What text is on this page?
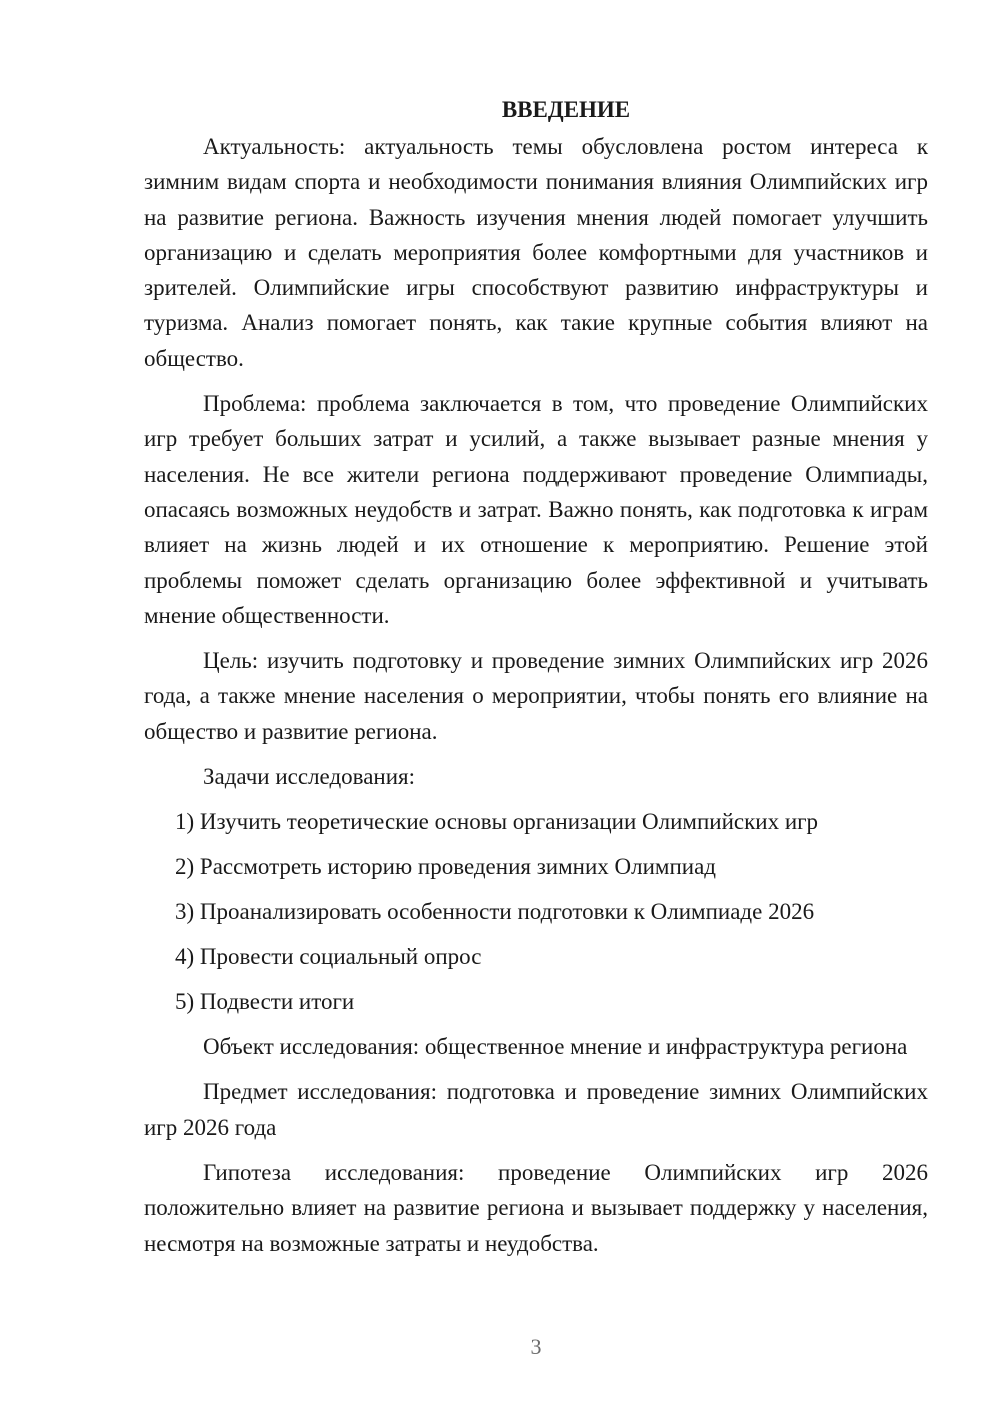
ВВЕДЕНИЕ

Актуальность: актуальность темы обусловлена ростом интереса к зимним видам спорта и необходимости понимания влияния Олимпийских игр на развитие региона. Важность изучения мнения людей помогает улучшить организацию и сделать мероприятия более комфортными для участников и зрителей. Олимпийские игры способствуют развитию инфраструктуры и туризма. Анализ помогает понять, как такие крупные события влияют на общество.

Проблема: проблема заключается в том, что проведение Олимпийских игр требует больших затрат и усилий, а также вызывает разные мнения у населения. Не все жители региона поддерживают проведение Олимпиады, опасаясь возможных неудобств и затрат. Важно понять, как подготовка к играм влияет на жизнь людей и их отношение к мероприятию. Решение этой проблемы поможет сделать организацию более эффективной и учитывать мнение общественности.

Цель: изучить подготовку и проведение зимних Олимпийских игр 2026 года, а также мнение населения о мероприятии, чтобы понять его влияние на общество и развитие региона.

Задачи исследования:

1) Изучить теоретические основы организации Олимпийских игр

2) Рассмотреть историю проведения зимних Олимпиад

3) Проанализировать особенности подготовки к Олимпиаде 2026

4) Провести социальный опрос

5) Подвести итоги

Объект исследования: общественное мнение и инфраструктура региона

Предмет исследования: подготовка и проведение зимних Олимпийских игр 2026 года

Гипотеза исследования: проведение Олимпийских игр 2026 положительно влияет на развитие региона и вызывает поддержку у населения, несмотря на возможные затраты и неудобства.

3
